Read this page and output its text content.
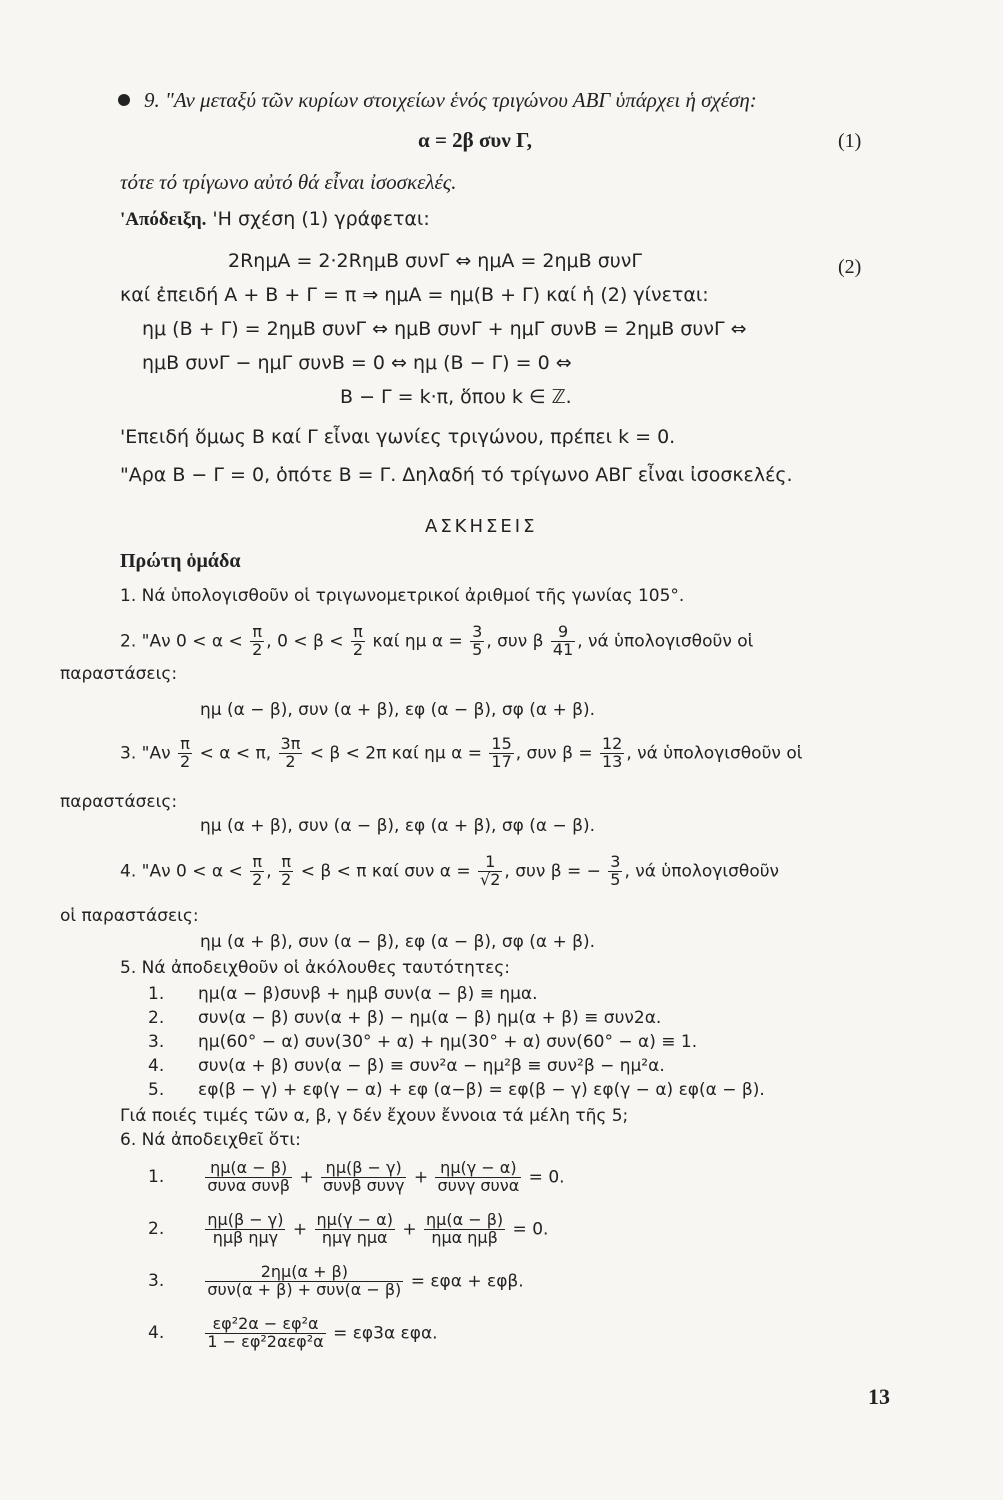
9. "Αν μεταξύ τῶν κυρίων στοιχείων ἑνός τριγώνου ΑΒΓ ὑπάρχει ἡ σχέση:
α = 2β συν Γ,	(1)
τότε τό τρίγωνο αὐτό θά εἶναι ἰσοσκελές.
'Απόδειξη. 'Η σχέση (1) γράφεται:
2RημA = 2·2RημB συνΓ ⇔ ημA = 2ημB συνΓ	(2)
καί ἐπειδή A + B + Γ = π ⇒ ημA = ημ(B + Γ) καί ἡ (2) γίνεται:
ημ (B + Γ) = 2ημB συνΓ ⇔ ημB συνΓ + ημΓ συνB = 2ημB συνΓ ⇔
ημB συνΓ − ημΓ συνB = 0 ⇔ ημ (B − Γ) = 0 ⇔
B − Γ = k·π, ὅπου k ∈ ℤ.
'Επειδή ὅμως B καί Γ εἶναι γωνίες τριγώνου, πρέπει k = 0.
"Αρα B − Γ = 0, ὁπότε B = Γ. Δηλαδή τό τρίγωνο ΑΒΓ εἶναι ἰσοσκελές.
ΑΣΚΗΣΕΙΣ
Πρώτη ὁμάδα
1. Νά ὑπολογισθοῦν οἱ τριγωνομετρικοί ἀριθμοί τῆς γωνίας 105°.
2. "Αν $0 < \alpha < \frac{\pi}{2}$ , $0 < \beta < \frac{\pi}{2}$ καί ημ $\alpha = \frac{3}{5}$ , συν β $\frac{9}{41}$ , νά ὑπολογισθοῦν οἱ
παραστάσεις:
ημ (α − β), συν (α + β), εφ (α − β), σφ (α + β).
3. "$A\nu \frac{\pi}{2} < \alpha < \pi$, $\frac{3\pi}{2} < \beta < 2\pi$ καί ημ $\alpha = \frac{15}{17}$ , συν $\beta = \frac{12}{13}$ , νά ὑπολογισθοῦν οἱ
παραστάσεις:
ημ (α + β), συν (α − β), εφ (α + β), σφ (α − β).
4. "Αν $0 < \alpha < \frac{\pi}{2}$ , $\frac{\pi}{2} < \beta < \pi$ καί συν $\alpha = \frac{1}{√2}$ , συν β = − $\frac{3}{5}$ , νά ὑπολογισθοῦν
οἱ παραστάσεις:
ημ (α + β), συν (α − β), εφ (α − β), σφ (α + β).
5. Νά ἀποδειχθοῦν οἱ ἀκόλουθες ταυτότητες:
1. ημ(α − β)συνβ + ημβ συν(α − β) ≡ ημα.
2. συν(α − β) συν(α + β) − ημ(α − β) ημ(α + β) ≡ συν2α.
3. ημ(60° − α) συν(30° + α) + ημ(30° + α) συν(60° − α) ≡ 1.
4. συν(α + β) συν(α − β) ≡ συν²α − ημ²β ≡ συν²β − ημ²α.
5. εφ(β − γ) + εφ(γ − α) + εφ (α−β) = εφ(β − γ) εφ(γ − α) εφ(α − β).
Γιά ποιές τιμές τῶν α, β, γ δέν ἔχουν ἔννοια τά μέλη τῆς 5;
6. Νά ἀποδειχθεῖ ὅτι:
1.	$\frac{\eta\mu(\alpha - \beta)}{\text{συνα συνβ}} + \frac{\eta\mu(\beta - \gamma)}{\text{συνβ συνγ}} + \frac{\eta\mu(\gamma - \alpha)}{\text{συνγ συνα}} = 0$.
2.	$\frac{\eta\mu(\beta - \gamma)}{\text{ημβ ημγ}} + \frac{\eta\mu(\gamma - \alpha)}{\text{ημγ ημα}} + \frac{\eta\mu(\alpha - \beta)}{\text{ημα ημβ}} = 0$.
3.	$\frac{2\eta\mu(\alpha + \beta)}{\text{συν(α + β) + συν(α − β)}} = \varepsilon\varphi\alpha + \varepsilon\varphi\beta$.
4.	$\frac{\text{εφ²2α − εφ²α}}{\text{1 − εφ²2αεφ²α}} = \varepsilon\varphi 3\alpha$ εφα.
13
